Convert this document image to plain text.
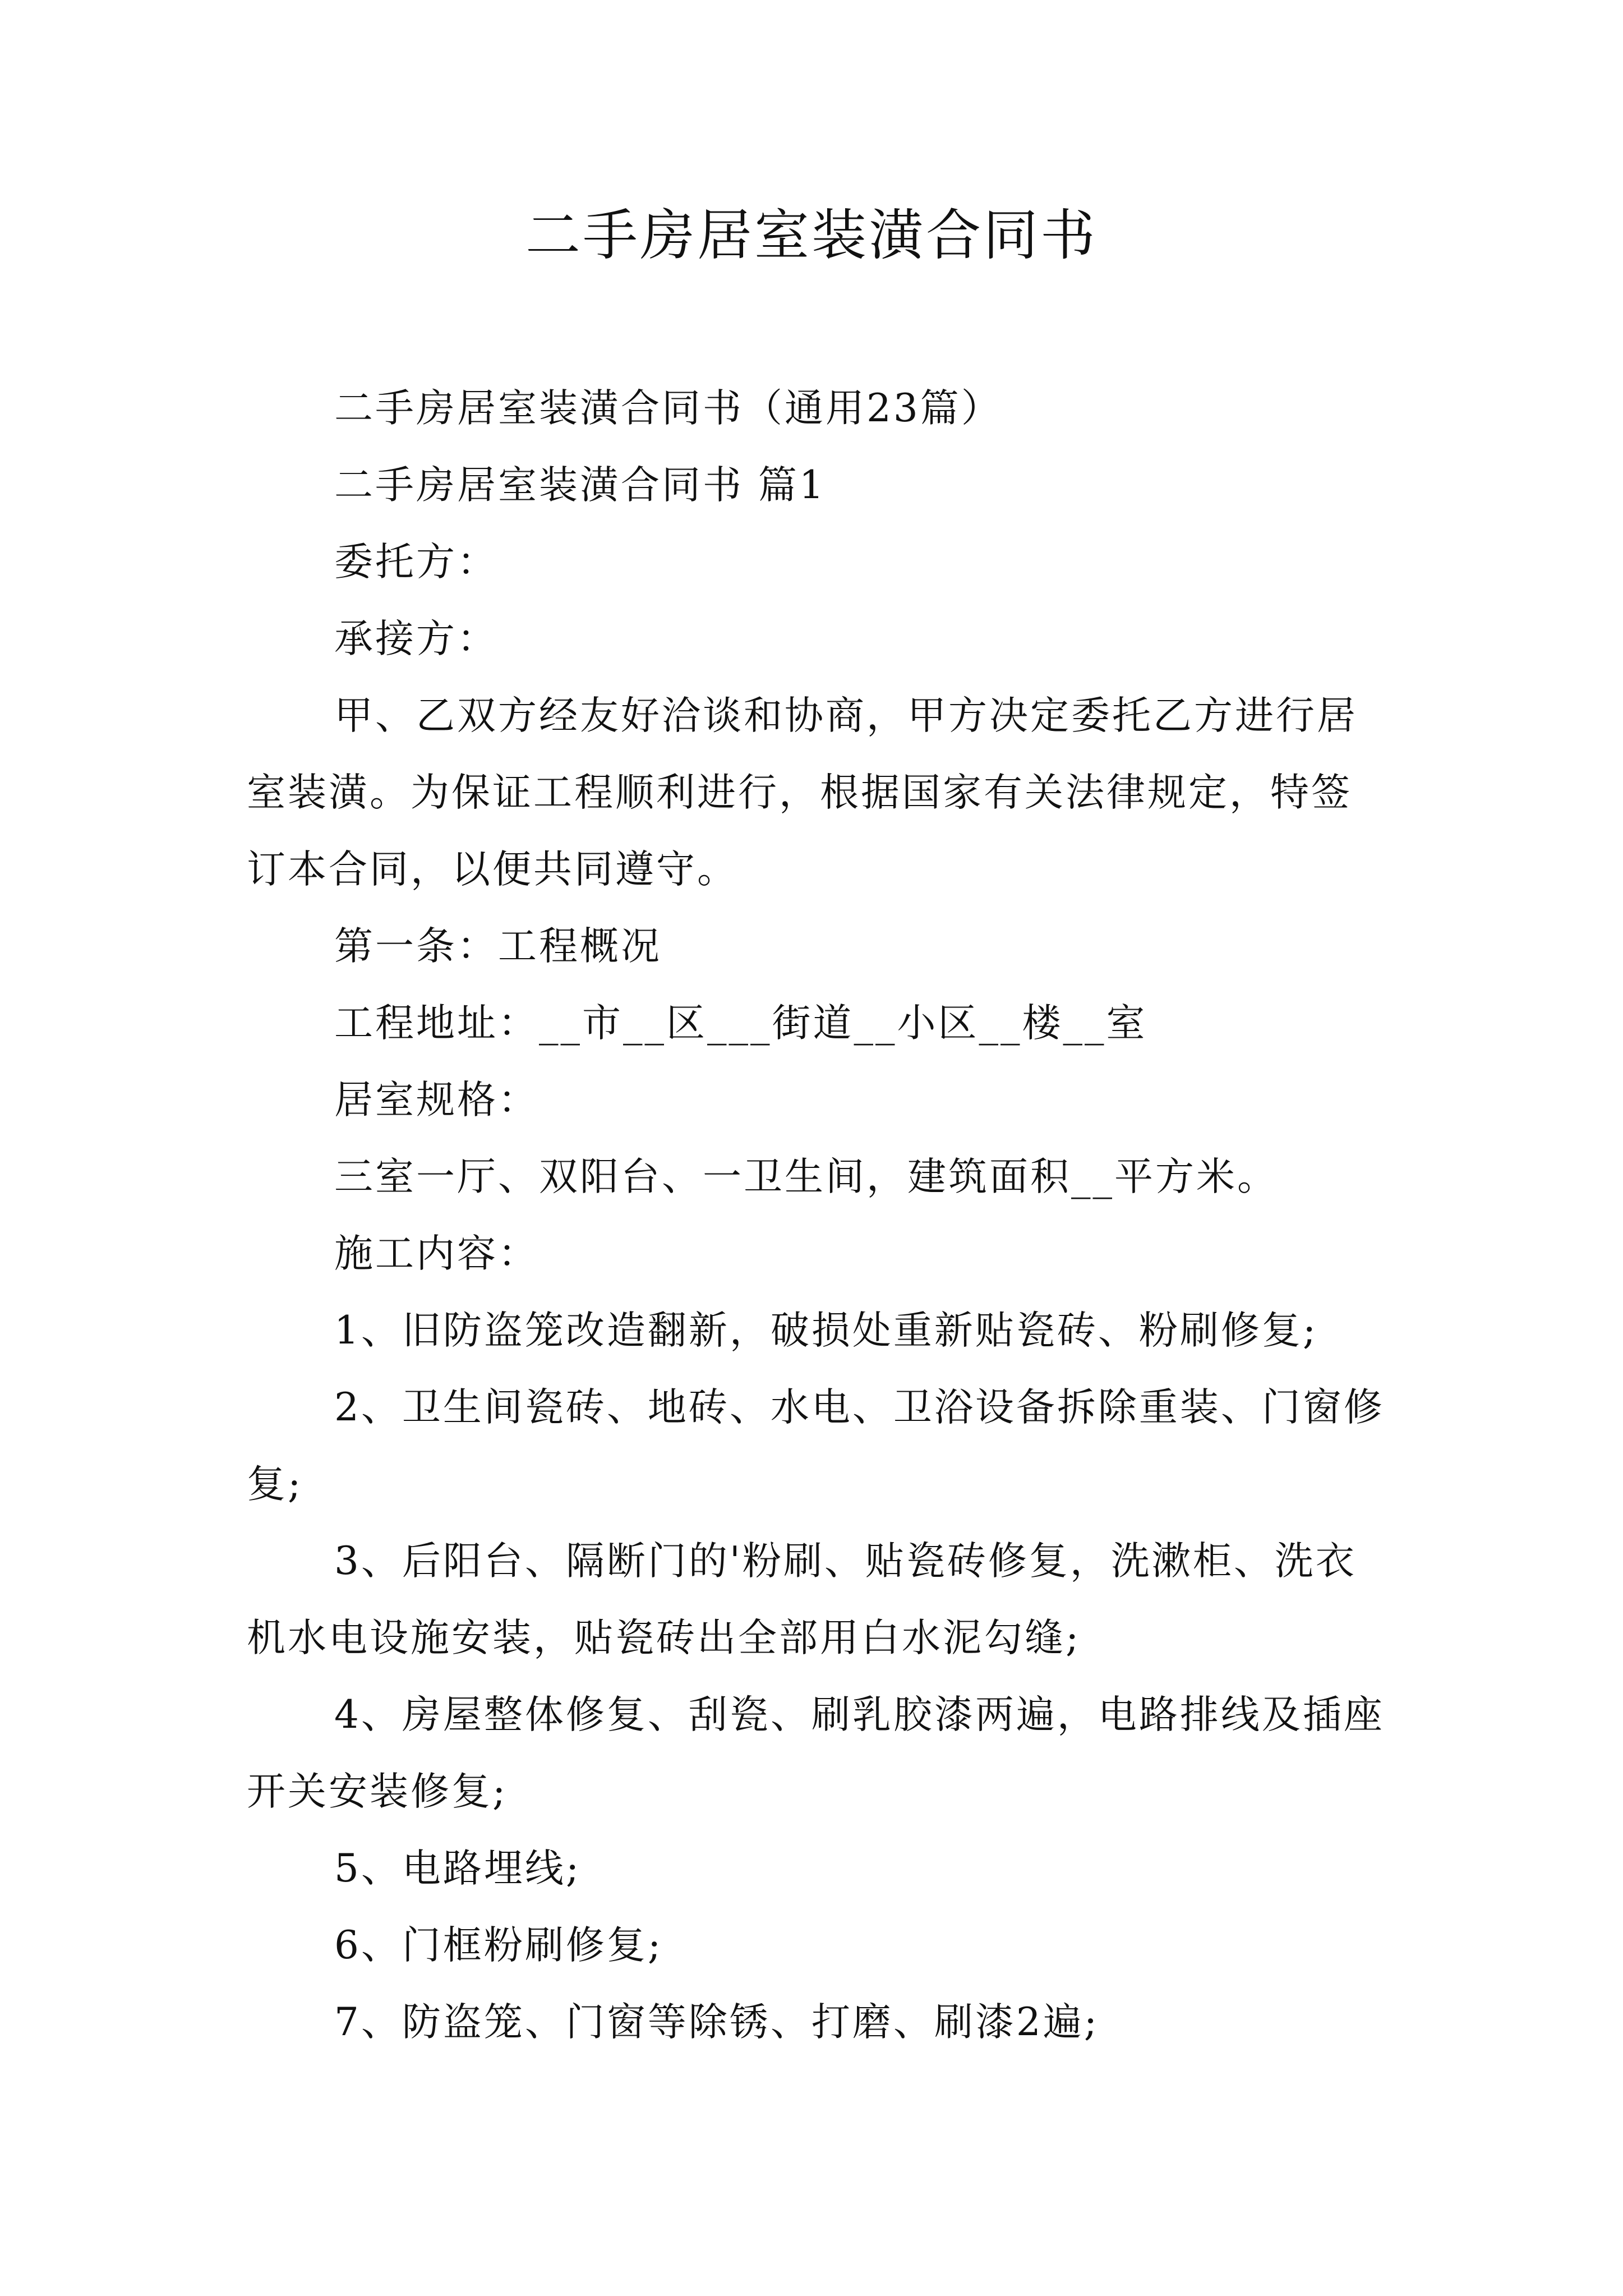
二手房居室装潢合同书

二手房居室装潢合同书（通用23篇）

二手房居室装潢合同书 篇1

委托方：

承接方：

甲、乙双方经友好洽谈和协商，甲方决定委托乙方进行居室装潢。为保证工程顺利进行，根据国家有关法律规定，特签订本合同，以便共同遵守。

第一条：工程概况

工程地址：__市__区___街道__小区__楼__室

居室规格：

三室一厅、双阳台、一卫生间，建筑面积__平方米。

施工内容：

1、旧防盗笼改造翻新，破损处重新贴瓷砖、粉刷修复;

2、卫生间瓷砖、地砖、水电、卫浴设备拆除重装、门窗修复;

3、后阳台、隔断门的'粉刷、贴瓷砖修复，洗漱柜、洗衣机水电设施安装，贴瓷砖出全部用白水泥勾缝;

4、房屋整体修复、刮瓷、刷乳胶漆两遍，电路排线及插座开关安装修复;

5、电路埋线;

6、门框粉刷修复;

7、防盗笼、门窗等除锈、打磨、刷漆2遍;
